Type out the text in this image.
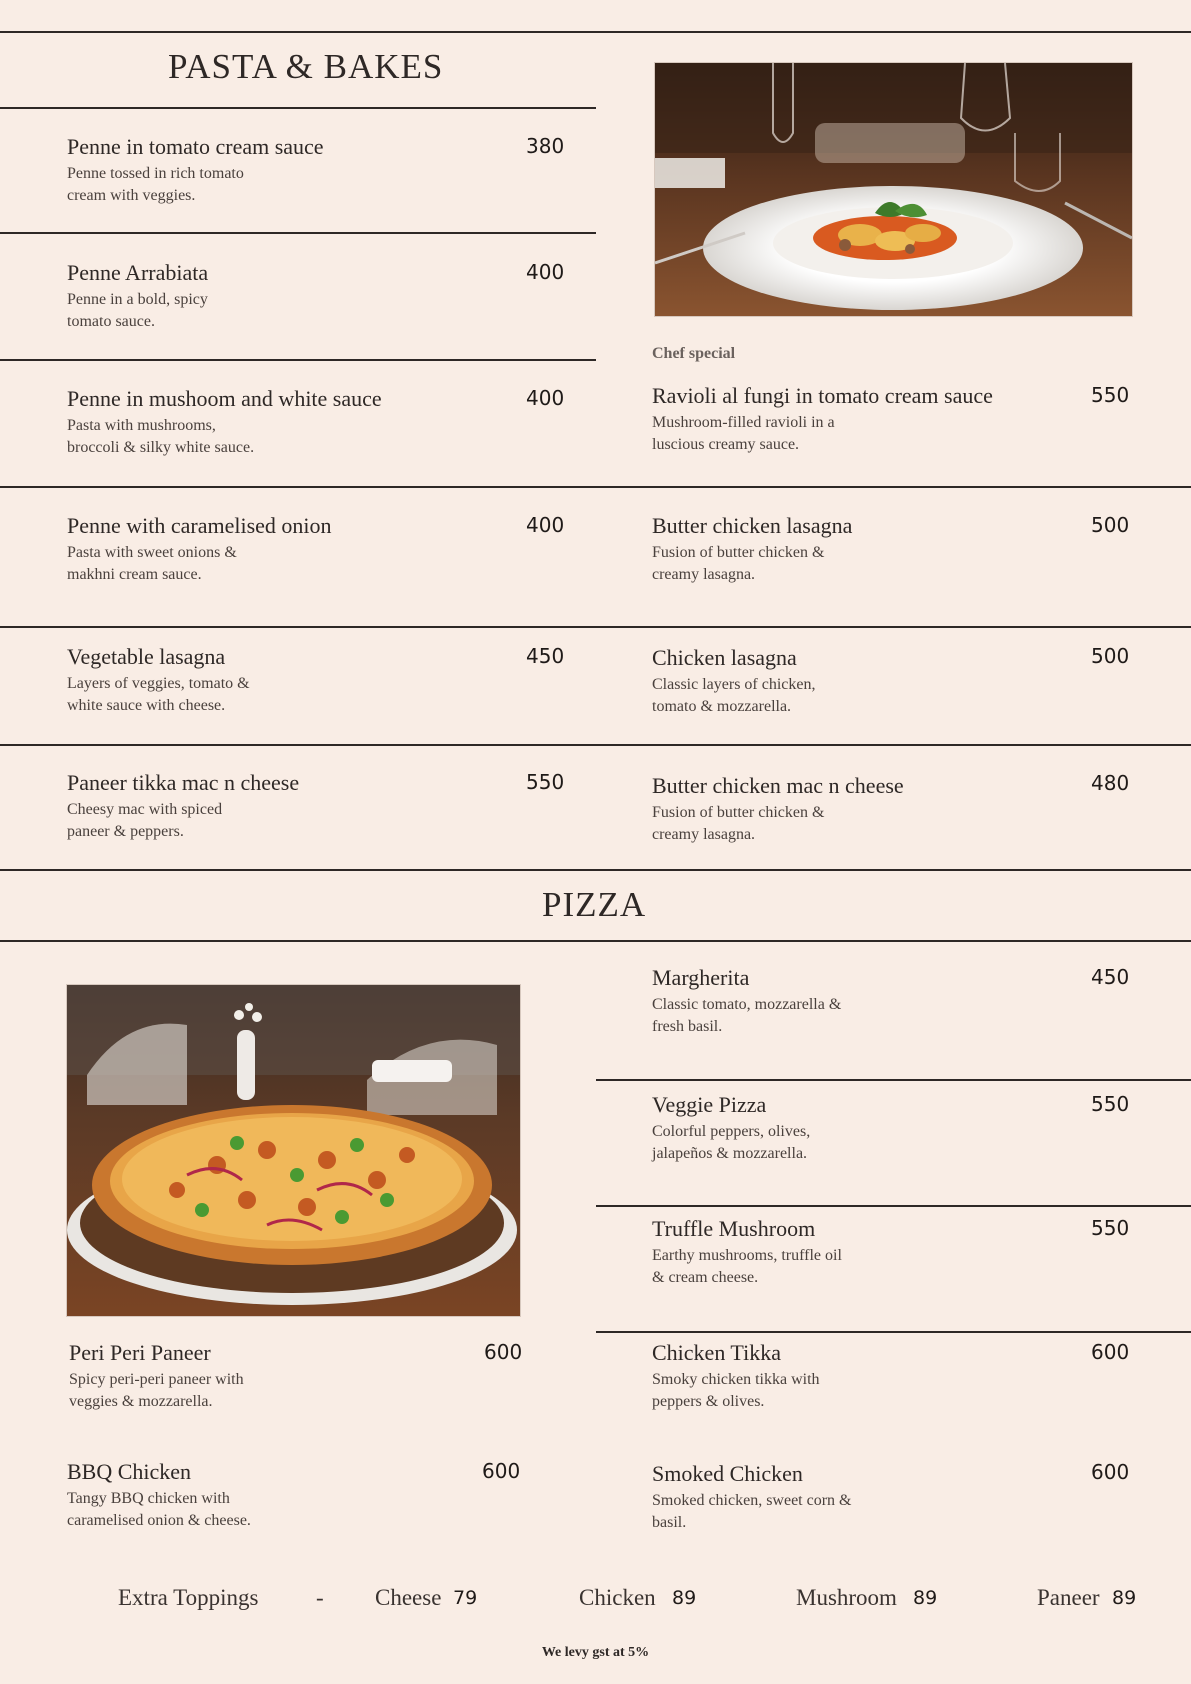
PASTA & BAKES
PIZZA
Chef special
Penne in tomato cream sauce
Penne tossed in rich tomato
cream with veggies.
380
Penne Arrabiata
Penne in a bold, spicy
tomato sauce.
400
Penne in mushoom and white sauce
Pasta with mushrooms,
broccoli & silky white sauce.
400
Penne with caramelised onion
Pasta with sweet onions &
makhni cream sauce.
400
Vegetable lasagna
Layers of veggies, tomato &
white sauce with cheese.
450
Paneer tikka mac n cheese
Cheesy mac with spiced
paneer & peppers.
550
Ravioli al fungi in tomato cream sauce
Mushroom-filled ravioli in a
luscious creamy sauce.
550
Butter chicken lasagna
Fusion of butter chicken &
creamy lasagna.
500
Chicken lasagna
Classic layers of chicken,
tomato & mozzarella.
500
Butter chicken mac n cheese
Fusion of butter chicken &
creamy lasagna.
480
Margherita
Classic tomato, mozzarella &
fresh basil.
450
Veggie Pizza
Colorful peppers, olives,
jalapeños & mozzarella.
550
Truffle Mushroom
Earthy mushrooms, truffle oil
& cream cheese.
550
Chicken Tikka
Smoky chicken tikka with
peppers & olives.
600
Smoked Chicken
Smoked chicken, sweet corn &
basil.
600
Peri Peri Paneer
Spicy peri-peri paneer with
veggies & mozzarella.
600
BBQ Chicken
Tangy BBQ chicken with
caramelised onion & cheese.
600
Extra Toppings	- Cheese 79	Chicken 89	Mushroom 89	Paneer 89
We levy gst at 5%
